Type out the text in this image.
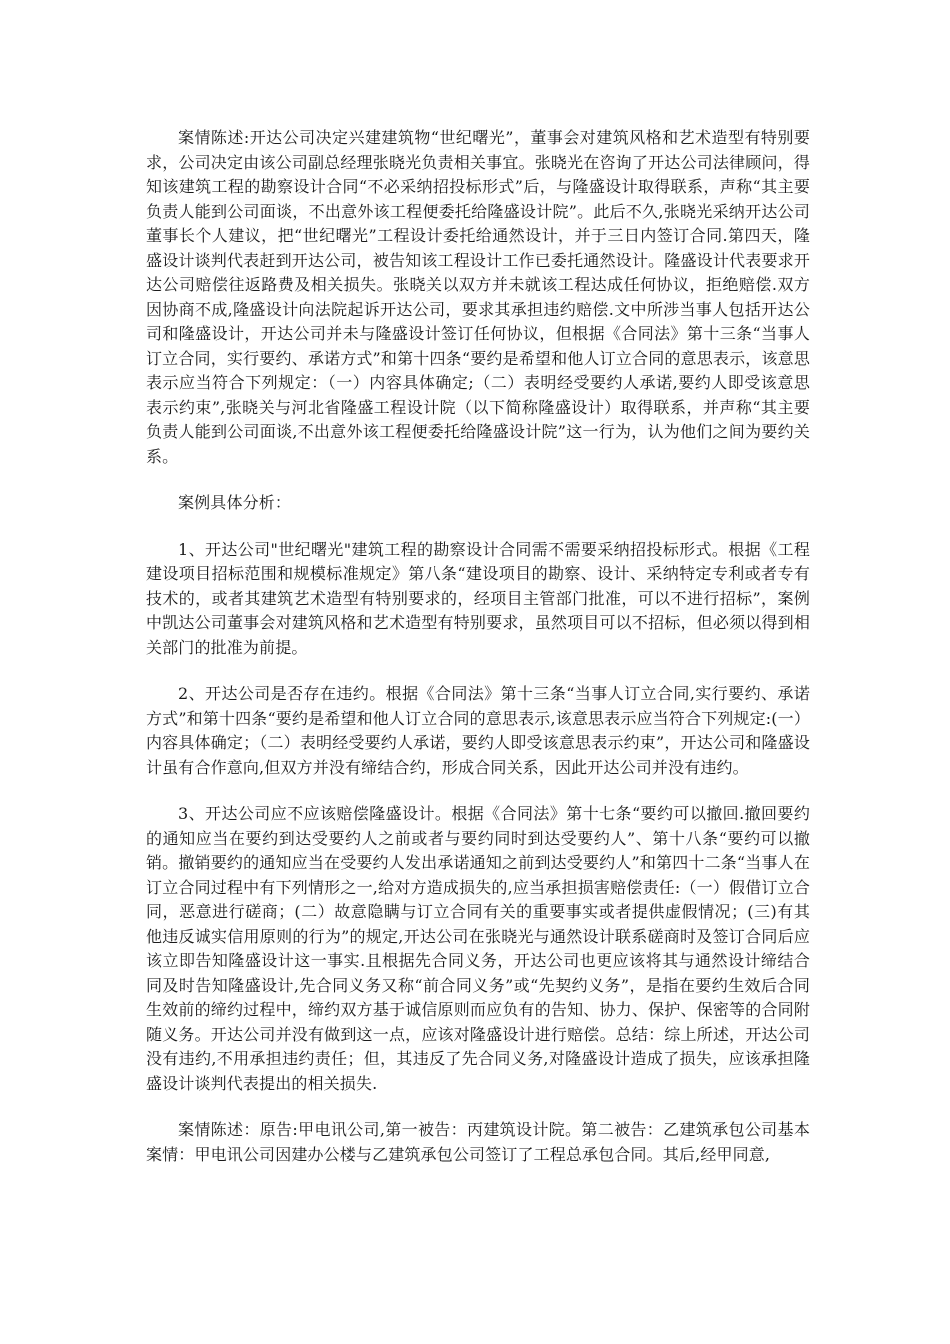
案情陈述:开达公司决定兴建建筑物“世纪曙光”，董事会对建筑风格和艺术造型有特别要求，公司决定由该公司副总经理张晓光负责相关事宜。张晓光在咨询了开达公司法律顾问，得知该建筑工程的勘察设计合同“不必采纳招投标形式”后，与隆盛设计取得联系，声称“其主要负责人能到公司面谈，不出意外该工程便委托给隆盛设计院”。此后不久,张晓光采纳开达公司董事长个人建议，把“世纪曙光”工程设计委托给通然设计，并于三日内签订合同.第四天，隆盛设计谈判代表赶到开达公司，被告知该工程设计工作已委托通然设计。隆盛设计代表要求开达公司赔偿往返路费及相关损失。张晓关以双方并未就该工程达成任何协议，拒绝赔偿.双方因协商不成,隆盛设计向法院起诉开达公司，要求其承担违约赔偿.文中所涉当事人包括开达公司和隆盛设计，开达公司并未与隆盛设计签订任何协议，但根据《合同法》第十三条“当事人订立合同，实行要约、承诺方式”和第十四条“要约是希望和他人订立合同的意思表示，该意思表示应当符合下列规定：（一）内容具体确定;（二）表明经受要约人承诺,要约人即受该意思表示约束”,张晓关与河北省隆盛工程设计院（以下简称隆盛设计）取得联系，并声称“其主要负责人能到公司面谈,不出意外该工程便委托给隆盛设计院”这一行为，认为他们之间为要约关系。

案例具体分析：

1、开达公司"世纪曙光"建筑工程的勘察设计合同需不需要采纳招投标形式。根据《工程建设项目招标范围和规模标准规定》第八条“建设项目的勘察、设计、采纳特定专利或者专有技术的，或者其建筑艺术造型有特别要求的，经项目主管部门批准，可以不进行招标”，案例中凯达公司董事会对建筑风格和艺术造型有特别要求，虽然项目可以不招标，但必须以得到相关部门的批准为前提。

2、开达公司是否存在违约。根据《合同法》第十三条“当事人订立合同,实行要约、承诺方式”和第十四条“要约是希望和他人订立合同的意思表示,该意思表示应当符合下列规定:(一）内容具体确定；（二）表明经受要约人承诺，要约人即受该意思表示约束”，开达公司和隆盛设计虽有合作意向,但双方并没有缔结合约，形成合同关系，因此开达公司并没有违约。

3、开达公司应不应该赔偿隆盛设计。根据《合同法》第十七条“要约可以撤回.撤回要约的通知应当在要约到达受要约人之前或者与要约同时到达受要约人”、第十八条“要约可以撤销。撤销要约的通知应当在受要约人发出承诺通知之前到达受要约人”和第四十二条“当事人在订立合同过程中有下列情形之一,给对方造成损失的,应当承担损害赔偿责任:（一）假借订立合同，恶意进行磋商；(二）故意隐瞒与订立合同有关的重要事实或者提供虚假情况；(三)有其他违反诚实信用原则的行为”的规定,开达公司在张晓光与通然设计联系磋商时及签订合同后应该立即告知隆盛设计这一事实.且根据先合同义务，开达公司也更应该将其与通然设计缔结合同及时告知隆盛设计,先合同义务又称“前合同义务”或“先契约义务”，是指在要约生效后合同生效前的缔约过程中，缔约双方基于诚信原则而应负有的告知、协力、保护、保密等的合同附随义务。开达公司并没有做到这一点，应该对隆盛设计进行赔偿。总结：综上所述，开达公司没有违约,不用承担违约责任；但，其违反了先合同义务,对隆盛设计造成了损失，应该承担隆盛设计谈判代表提出的相关损失.

案情陈述：原告:甲电讯公司,第一被告：丙建筑设计院。第二被告：乙建筑承包公司基本案情：甲电讯公司因建办公楼与乙建筑承包公司签订了工程总承包合同。其后,经甲同意,
